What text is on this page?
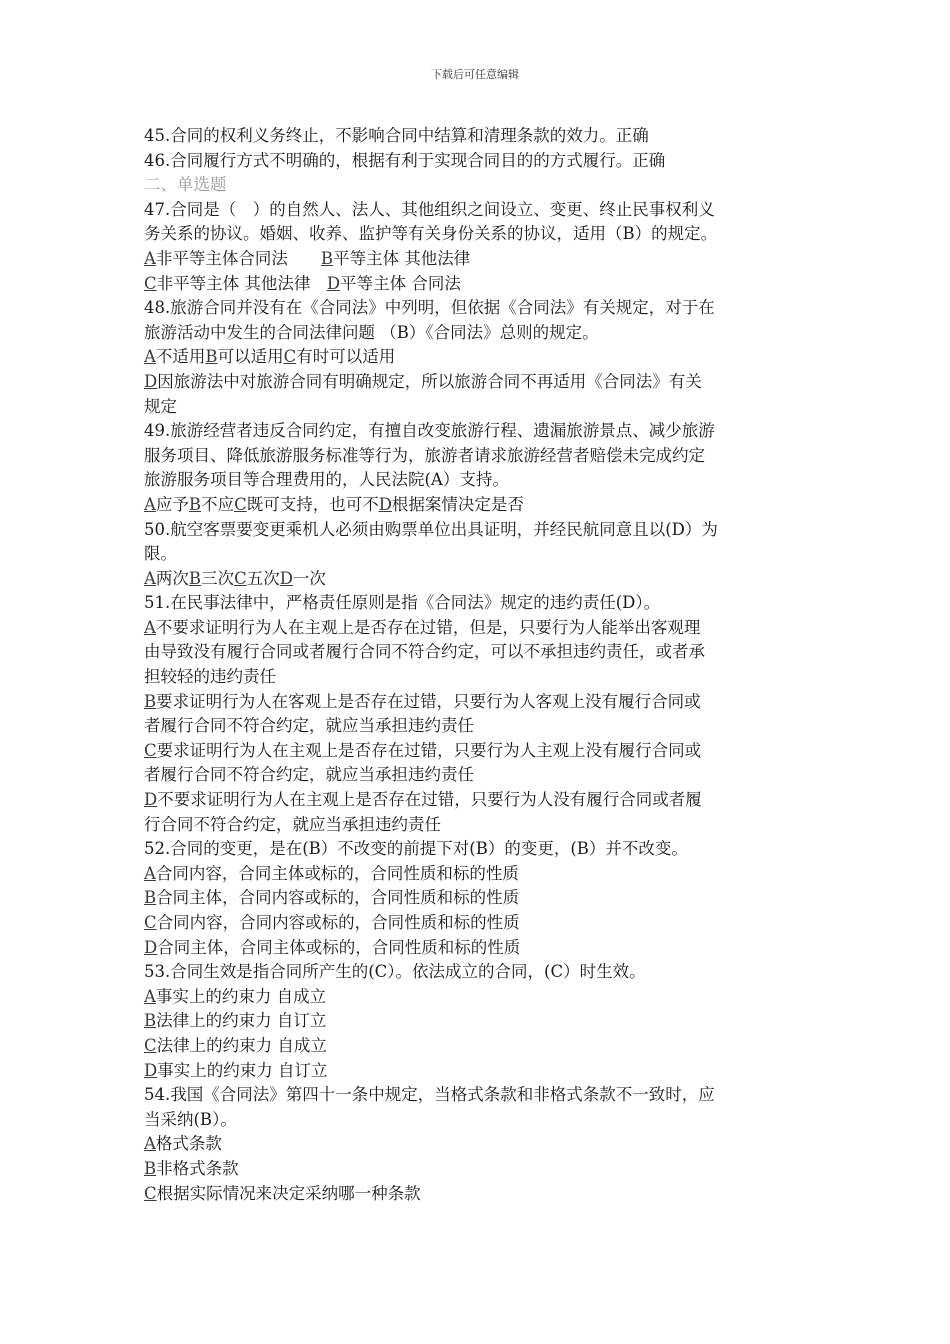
下载后可任意编辑
45.合同的权利义务终止，不影响合同中结算和清理条款的效力。正确
46.合同履行方式不明确的，根据有利于实现合同目的的方式履行。正确
二、单选题
47.合同是（　）的自然人、法人、其他组织之间设立、变更、终止民事权利义
务关系的协议。婚姻、收养、监护等有关身份关系的协议，适用（B）的规定。
A非平等主体合同法　　B平等主体 其他法律
C非平等主体 其他法律　D平等主体 合同法
48.旅游合同并没有在《合同法》中列明，但依据《合同法》有关规定，对于在
旅游活动中发生的合同法律问题 （B）《合同法》总则的规定。
A不适用B可以适用C有时可以适用
D因旅游法中对旅游合同有明确规定，所以旅游合同不再适用《合同法》有关
规定
49.旅游经营者违反合同约定，有擅自改变旅游行程、遗漏旅游景点、减少旅游
服务项目、降低旅游服务标准等行为，旅游者请求旅游经营者赔偿未完成约定
旅游服务项目等合理费用的，人民法院(A）支持。
A应予B不应C既可支持，也可不D根据案情决定是否
50.航空客票要变更乘机人必须由购票单位出具证明，并经民航同意且以(D）为
限。
A两次B三次C五次D一次
51.在民事法律中，严格责任原则是指《合同法》规定的违约责任(D）。
A不要求证明行为人在主观上是否存在过错，但是，只要行为人能举出客观理
由导致没有履行合同或者履行合同不符合约定，可以不承担违约责任，或者承
担较轻的违约责任
B要求证明行为人在客观上是否存在过错，只要行为人客观上没有履行合同或
者履行合同不符合约定，就应当承担违约责任
C要求证明行为人在主观上是否存在过错，只要行为人主观上没有履行合同或
者履行合同不符合约定，就应当承担违约责任
D不要求证明行为人在主观上是否存在过错，只要行为人没有履行合同或者履
行合同不符合约定，就应当承担违约责任
52.合同的变更，是在(B）不改变的前提下对(B）的变更，(B）并不改变。
A合同内容，合同主体或标的，合同性质和标的性质
B合同主体，合同内容或标的，合同性质和标的性质
C合同内容，合同内容或标的，合同性质和标的性质
D合同主体，合同主体或标的，合同性质和标的性质
53.合同生效是指合同所产生的(C）。依法成立的合同，(C）时生效。
A事实上的约束力 自成立
B法律上的约束力 自订立
C法律上的约束力 自成立
D事实上的约束力 自订立
54.我国《合同法》第四十一条中规定，当格式条款和非格式条款不一致时，应
当采纳(B）。
A格式条款
B非格式条款
C根据实际情况来决定采纳哪一种条款
